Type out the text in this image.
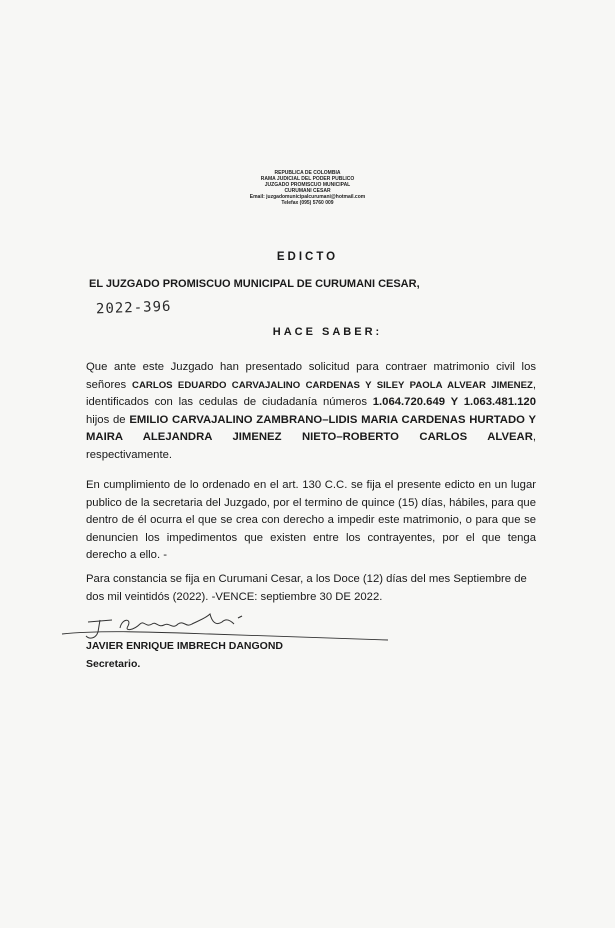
REPUBLICA DE COLOMBIA
RAMA JUDICIAL DEL PODER PUBLICO
JUZGADO PROMISCUO MUNICIPAL
CURUMANI CESAR
Email: juzgadomunicipalcurumani@hotmail.com
Telefax (095) 5760 009
EDICTO
EL JUZGADO PROMISCUO MUNICIPAL DE CURUMANI CESAR,
2022-396
HACE SABER:
Que ante este Juzgado han presentado solicitud para contraer matrimonio civil los señores CARLOS EDUARDO CARVAJALINO CARDENAS Y SILEY PAOLA ALVEAR JIMENEZ, identificados con las cedulas de ciudadanía números 1.064.720.649 Y 1.063.481.120 hijos de EMILIO CARVAJALINO ZAMBRANO–LIDIS MARIA CARDENAS HURTADO Y MAIRA ALEJANDRA JIMENEZ NIETO–ROBERTO CARLOS ALVEAR, respectivamente.
En cumplimiento de lo ordenado en el art. 130 C.C. se fija el presente edicto en un lugar publico de la secretaria del Juzgado, por el termino de quince (15) días, hábiles, para que dentro de él ocurra el que se crea con derecho a impedir este matrimonio, o para que se denuncien los impedimentos que existen entre los contrayentes, por el que tenga derecho a ello. -
Para constancia se fija en Curumani Cesar, a los Doce (12) días del mes Septiembre de dos mil veintidós (2022). -VENCE: septiembre 30 DE 2022.
JAVIER ENRIQUE IMBRECH DANGOND
Secretario.
